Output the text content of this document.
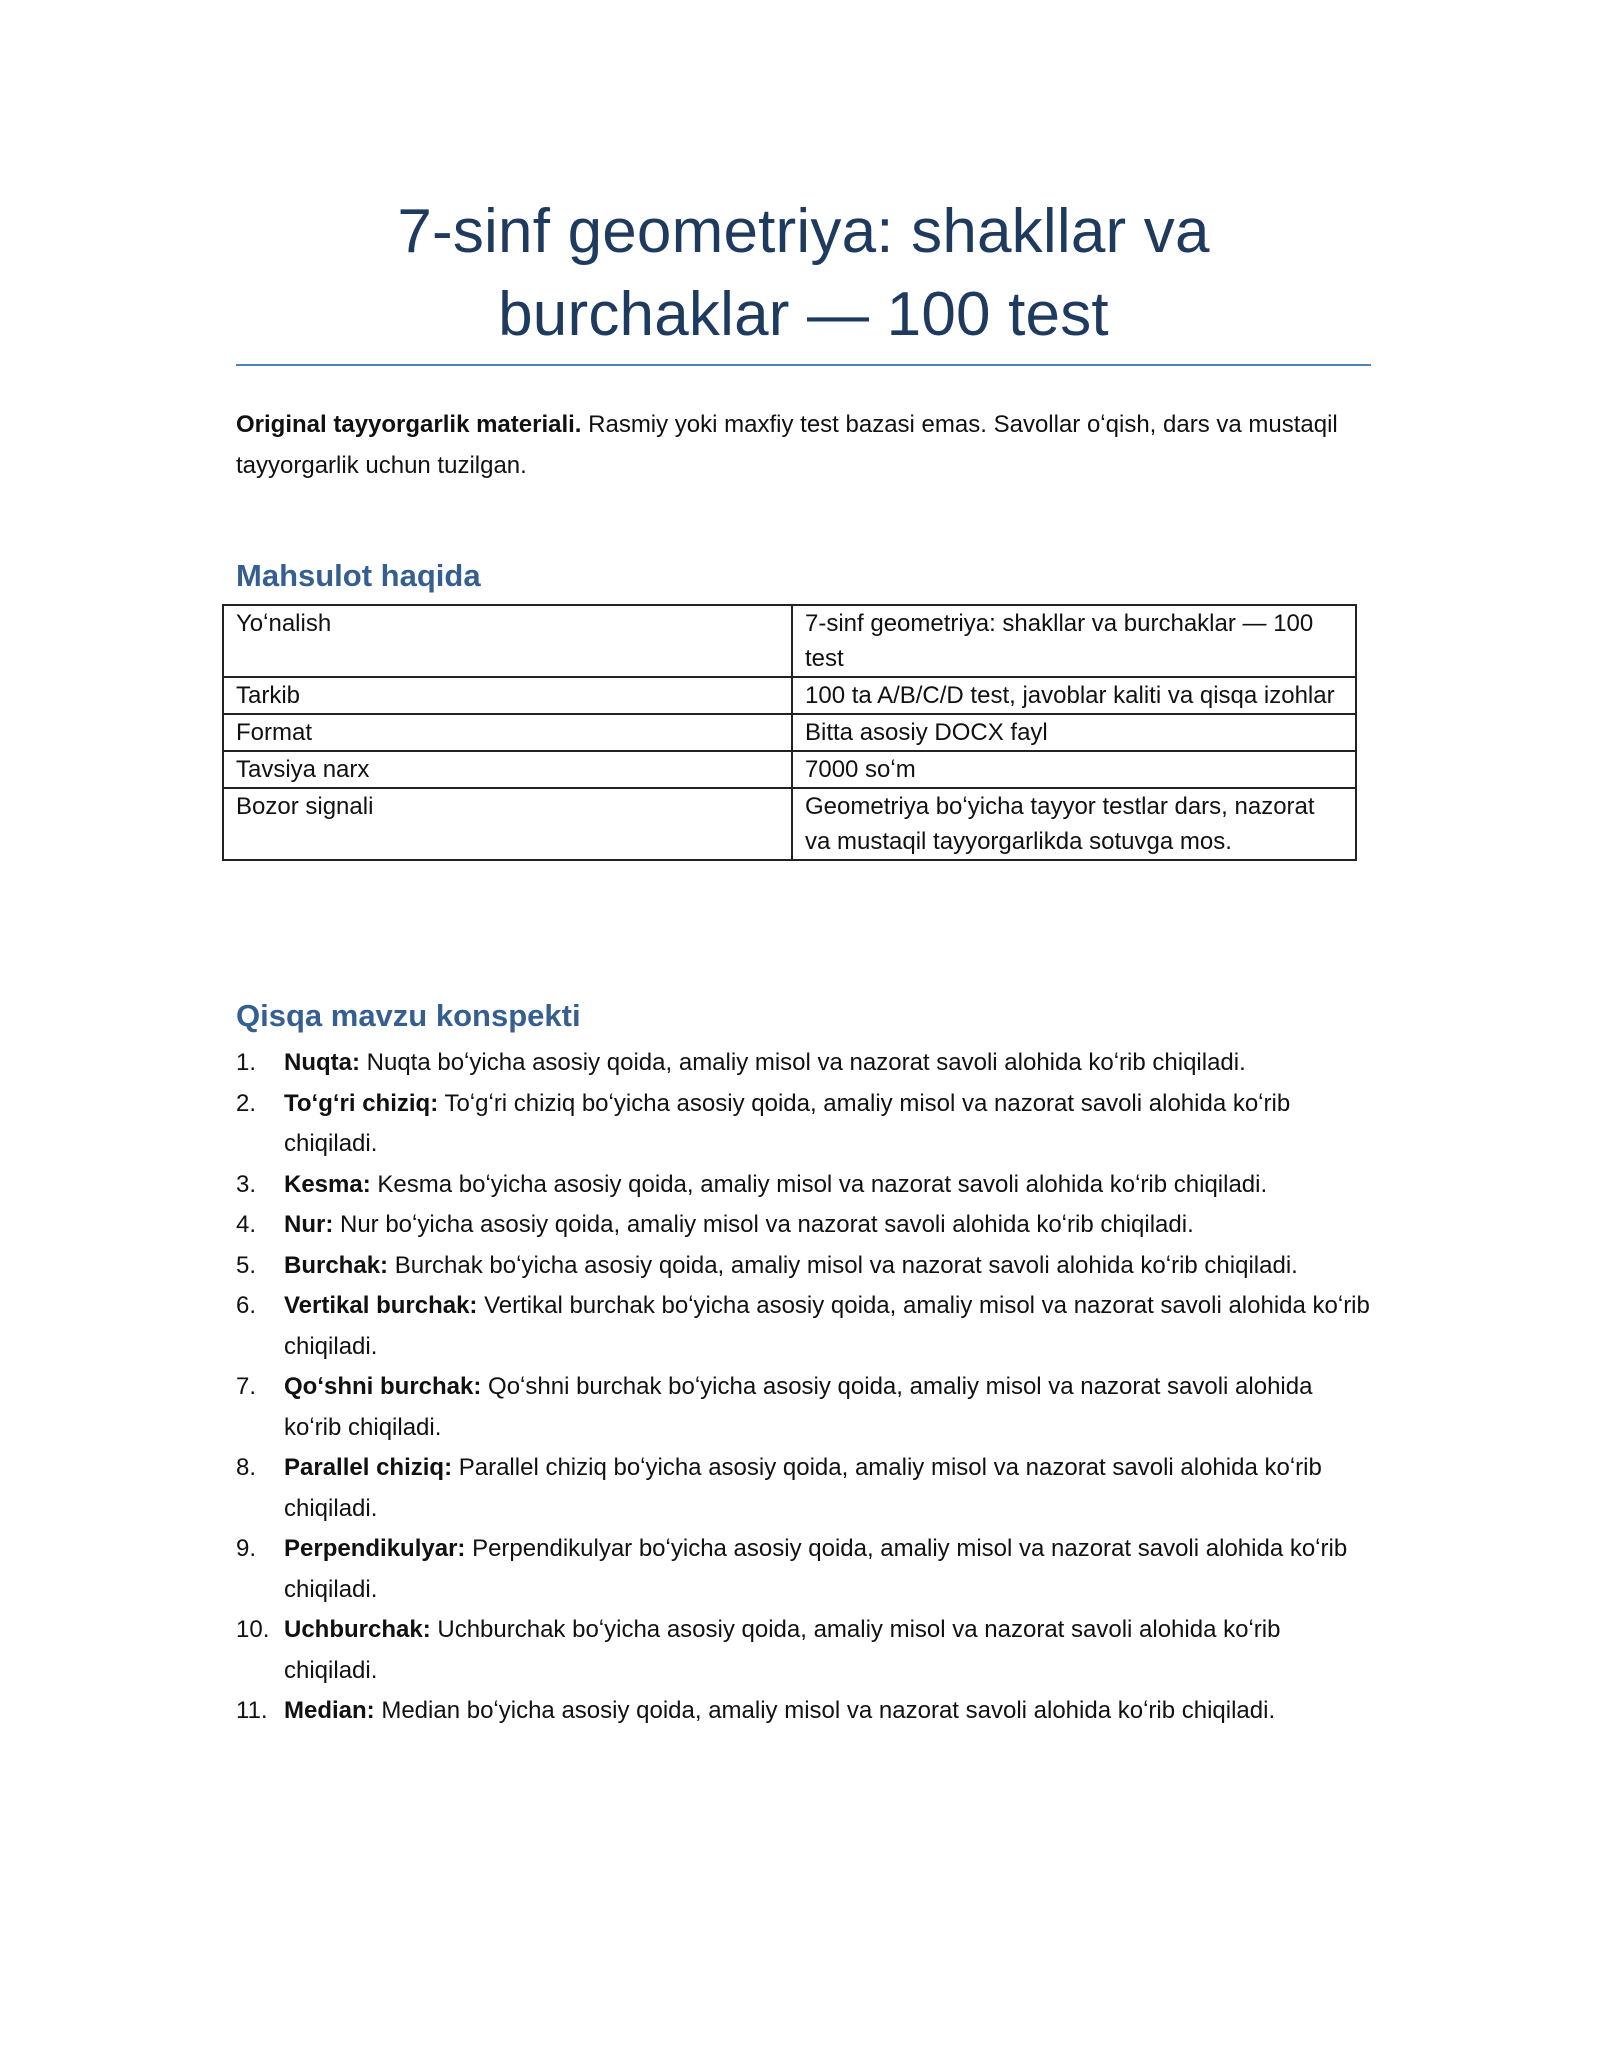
7-sinf geometriya: shakllar va
burchaklar — 100 test

Original tayyorgarlik materiali. Rasmiy yoki maxfiy test bazasi emas. Savollar oʻqish, dars va mustaqil tayyorgarlik uchun tuzilgan.

Mahsulot haqida
Yoʻnalish	7-sinf geometriya: shakllar va burchaklar — 100 test
Tarkib	100 ta A/B/C/D test, javoblar kaliti va qisqa izohlar
Format	Bitta asosiy DOCX fayl
Tavsiya narx	7000 soʻm
Bozor signali	Geometriya boʻyicha tayyor testlar dars, nazorat va mustaqil tayyorgarlikda sotuvga mos.
Qisqa mavzu konspekti
1. Nuqta: Nuqta boʻyicha asosiy qoida, amaliy misol va nazorat savoli alohida koʻrib chiqiladi.
2. Toʻgʻri chiziq: Toʻgʻri chiziq boʻyicha asosiy qoida, amaliy misol va nazorat savoli alohida koʻrib chiqiladi.
3. Kesma: Kesma boʻyicha asosiy qoida, amaliy misol va nazorat savoli alohida koʻrib chiqiladi.
4. Nur: Nur boʻyicha asosiy qoida, amaliy misol va nazorat savoli alohida koʻrib chiqiladi.
5. Burchak: Burchak boʻyicha asosiy qoida, amaliy misol va nazorat savoli alohida koʻrib chiqiladi.
6. Vertikal burchak: Vertikal burchak boʻyicha asosiy qoida, amaliy misol va nazorat savoli alohida koʻrib chiqiladi.
7. Qoʻshni burchak: Qoʻshni burchak boʻyicha asosiy qoida, amaliy misol va nazorat savoli alohida koʻrib chiqiladi.
8. Parallel chiziq: Parallel chiziq boʻyicha asosiy qoida, amaliy misol va nazorat savoli alohida koʻrib chiqiladi.
9. Perpendikulyar: Perpendikulyar boʻyicha asosiy qoida, amaliy misol va nazorat savoli alohida koʻrib chiqiladi.
10. Uchburchak: Uchburchak boʻyicha asosiy qoida, amaliy misol va nazorat savoli alohida koʻrib chiqiladi.
11. Median: Median boʻyicha asosiy qoida, amaliy misol va nazorat savoli alohida koʻrib chiqiladi.
